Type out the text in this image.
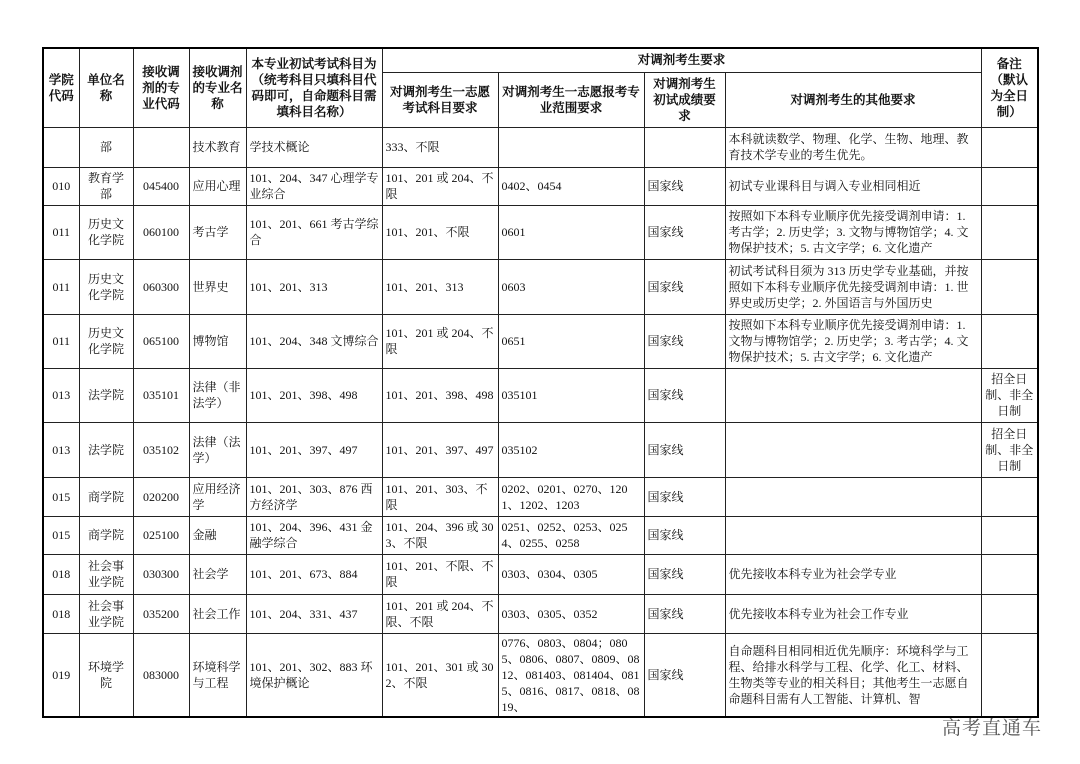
学院代码	单位名称	接收调剂的专业代码	接收调剂的专业名称	本专业初试考试科目为（统考科目只填科目代码即可，自命题科目需填科目名称）	对调剂考生要求				备注（默认为全日制）
					对调剂考生一志愿考试科目要求	对调剂考生一志愿报考专业范围要求	对调剂考生初试成绩要求	对调剂考生的其他要求	
	部		技术教育	学技术概论	333、不限			本科就读数学、物理、化学、生物、地理、教育技术学专业的考生优先。	
010	教育学部	045400	应用心理	101、204、347 心理学专业综合	101、201 或 204、不限	0402、0454	国家线	初试专业课科目与调入专业相同相近	
011	历史文化学院	060100	考古学	101、201、661 考古学综合	101、201、不限	0601	国家线	按照如下本科专业顺序优先接受调剂申请：1. 考古学；2. 历史学；3. 文物与博物馆学；4. 文物保护技术；5. 古文字学；6. 文化遗产	
011	历史文化学院	060300	世界史	101、201、313	101、201、313	0603	国家线	初试考试科目须为 313 历史学专业基础，并按照如下本科专业顺序优先接受调剂申请：1. 世界史或历史学；2. 外国语言与外国历史	
011	历史文化学院	065100	博物馆	101、204、348 文博综合	101、201 或 204、不限	0651	国家线	按照如下本科专业顺序优先接受调剂申请：1. 文物与博物馆学；2. 历史学；3. 考古学；4. 文物保护技术；5. 古文字学；6. 文化遗产	
013	法学院	035101	法律（非法学）	101、201、398、498	101、201、398、498	035101	国家线		招全日制、非全日制
013	法学院	035102	法律（法学）	101、201、397、497	101、201、397、497	035102	国家线		招全日制、非全日制
015	商学院	020200	应用经济学	101、201、303、876 西方经济学	101、201、303、不限	0202、0201、0270、1201、1202、1203	国家线		
015	商学院	025100	金融	101、204、396、431 金融学综合	101、204、396 或 303、不限	0251、0252、0253、0254、0255、0258	国家线		
018	社会事业学院	030300	社会学	101、201、673、884	101、201、不限、不限	0303、0304、0305	国家线	优先接收本科专业为社会学专业	
018	社会事业学院	035200	社会工作	101、204、331、437	101、201 或 204、不限、不限	0303、0305、0352	国家线	优先接收本科专业为社会工作专业	
019	环境学院	083000	环境科学与工程	101、201、302、883 环境保护概论	101、201、301 或 302、不限	0776、0803、0804；0805、0806、0807、0809、0812、081403、081404、0815、0816、0817、0818、0819、	国家线	自命题科目相同相近优先顺序：环境科学与工程、给排水科学与工程、化学、化工、材料、生物类等专业的相关科目；其他考生一志愿自命题科目需有人工智能、计算机、智	
高考直通车
